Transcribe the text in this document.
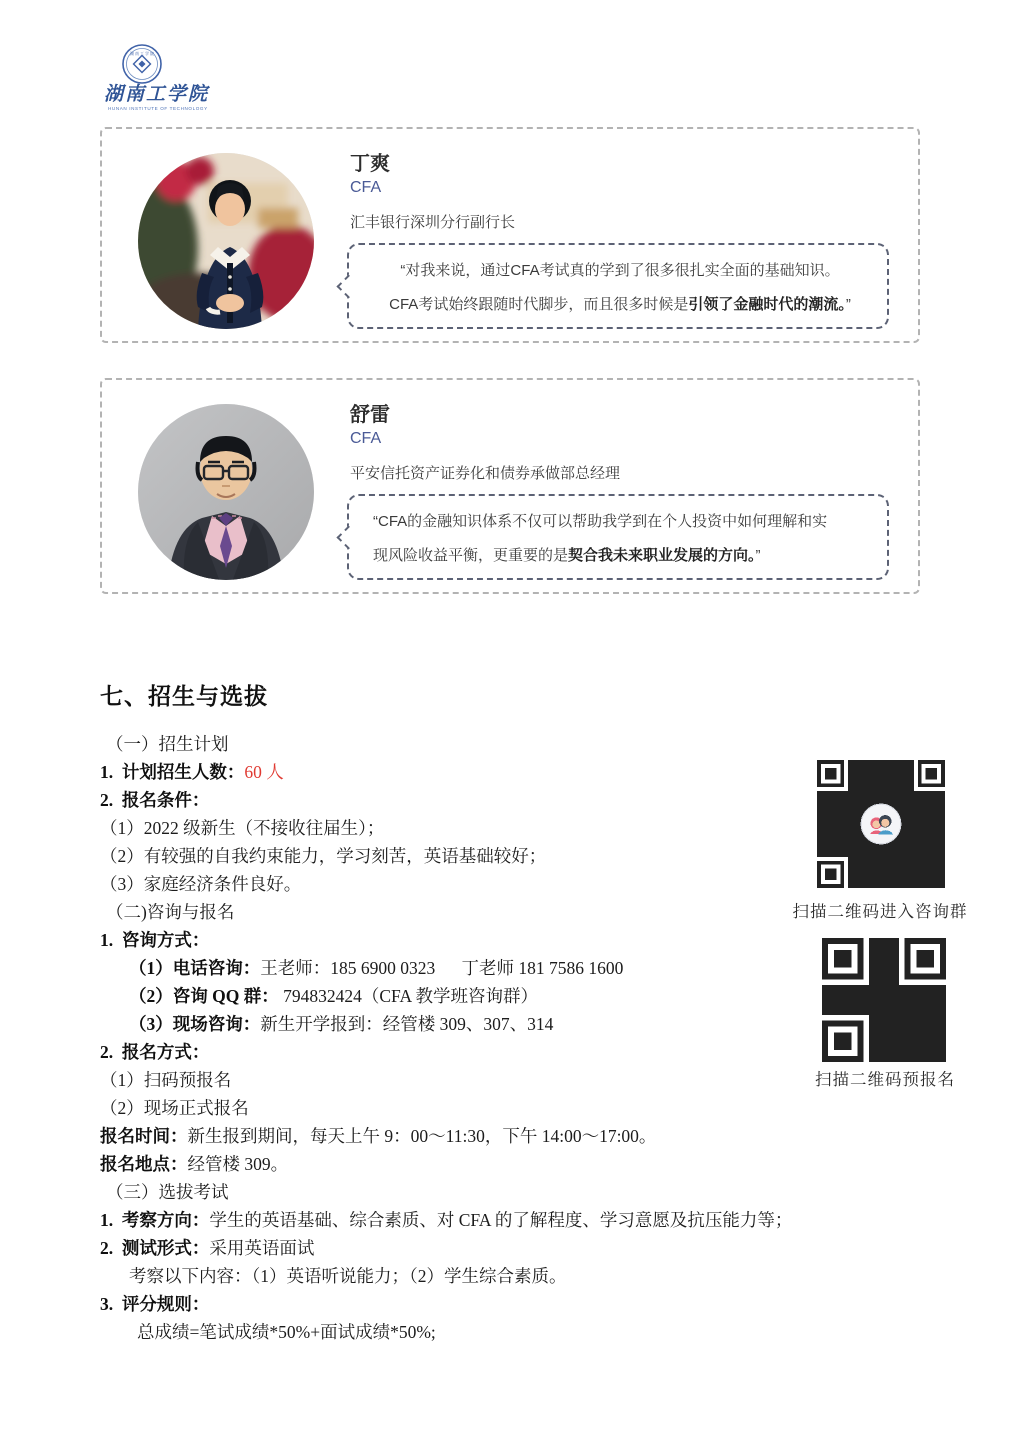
湖 南 工 学 院
湖南工学院
HUNAN INSTITUTE OF TECHNOLOGY
丁爽
CFA
汇丰银行深圳分行副行长

“对我来说，通过CFA考试真的学到了很多很扎实全面的基础知识。

CFA考试始终跟随时代脚步，而且很多时候是引领了金融时代的潮流。”

舒雷
CFA
平安信托资产证券化和债券承做部总经理

“CFA的金融知识体系不仅可以帮助我学到在个人投资中如何理解和实

现风险收益平衡，更重要的是契合我未来职业发展的方向。”

七、招生与选拔

（一）招生计划

1.  计划招生人数：60 人

2.  报名条件：

（1）2022 级新生（不接收往届生）；

（2）有较强的自我约束能力，学习刻苦，英语基础较好；

（3）家庭经济条件良好。

（二)咨询与报名

1.  咨询方式：

（1）电话咨询：王老师：185 6900 0323      丁老师 181 7586 1600

（2）咨询 QQ 群： 794832424（CFA 教学班咨询群）

（3）现场咨询：新生开学报到：经管楼 309、307、314

2.  报名方式：

（1）扫码预报名

（2）现场正式报名

报名时间：新生报到期间，每天上午 9：00～11:30，下午 14:00～17:00。

报名地点：经管楼 309。

（三）选拔考试

1.  考察方向：学生的英语基础、综合素质、对 CFA 的了解程度、学习意愿及抗压能力等；

2.  测试形式：采用英语面试

考察以下内容：（1）英语听说能力；（2）学生综合素质。

3.  评分规则：

总成绩=笔试成绩*50%+面试成绩*50%;

扫描二维码进入咨询群
扫描二维码预报名
